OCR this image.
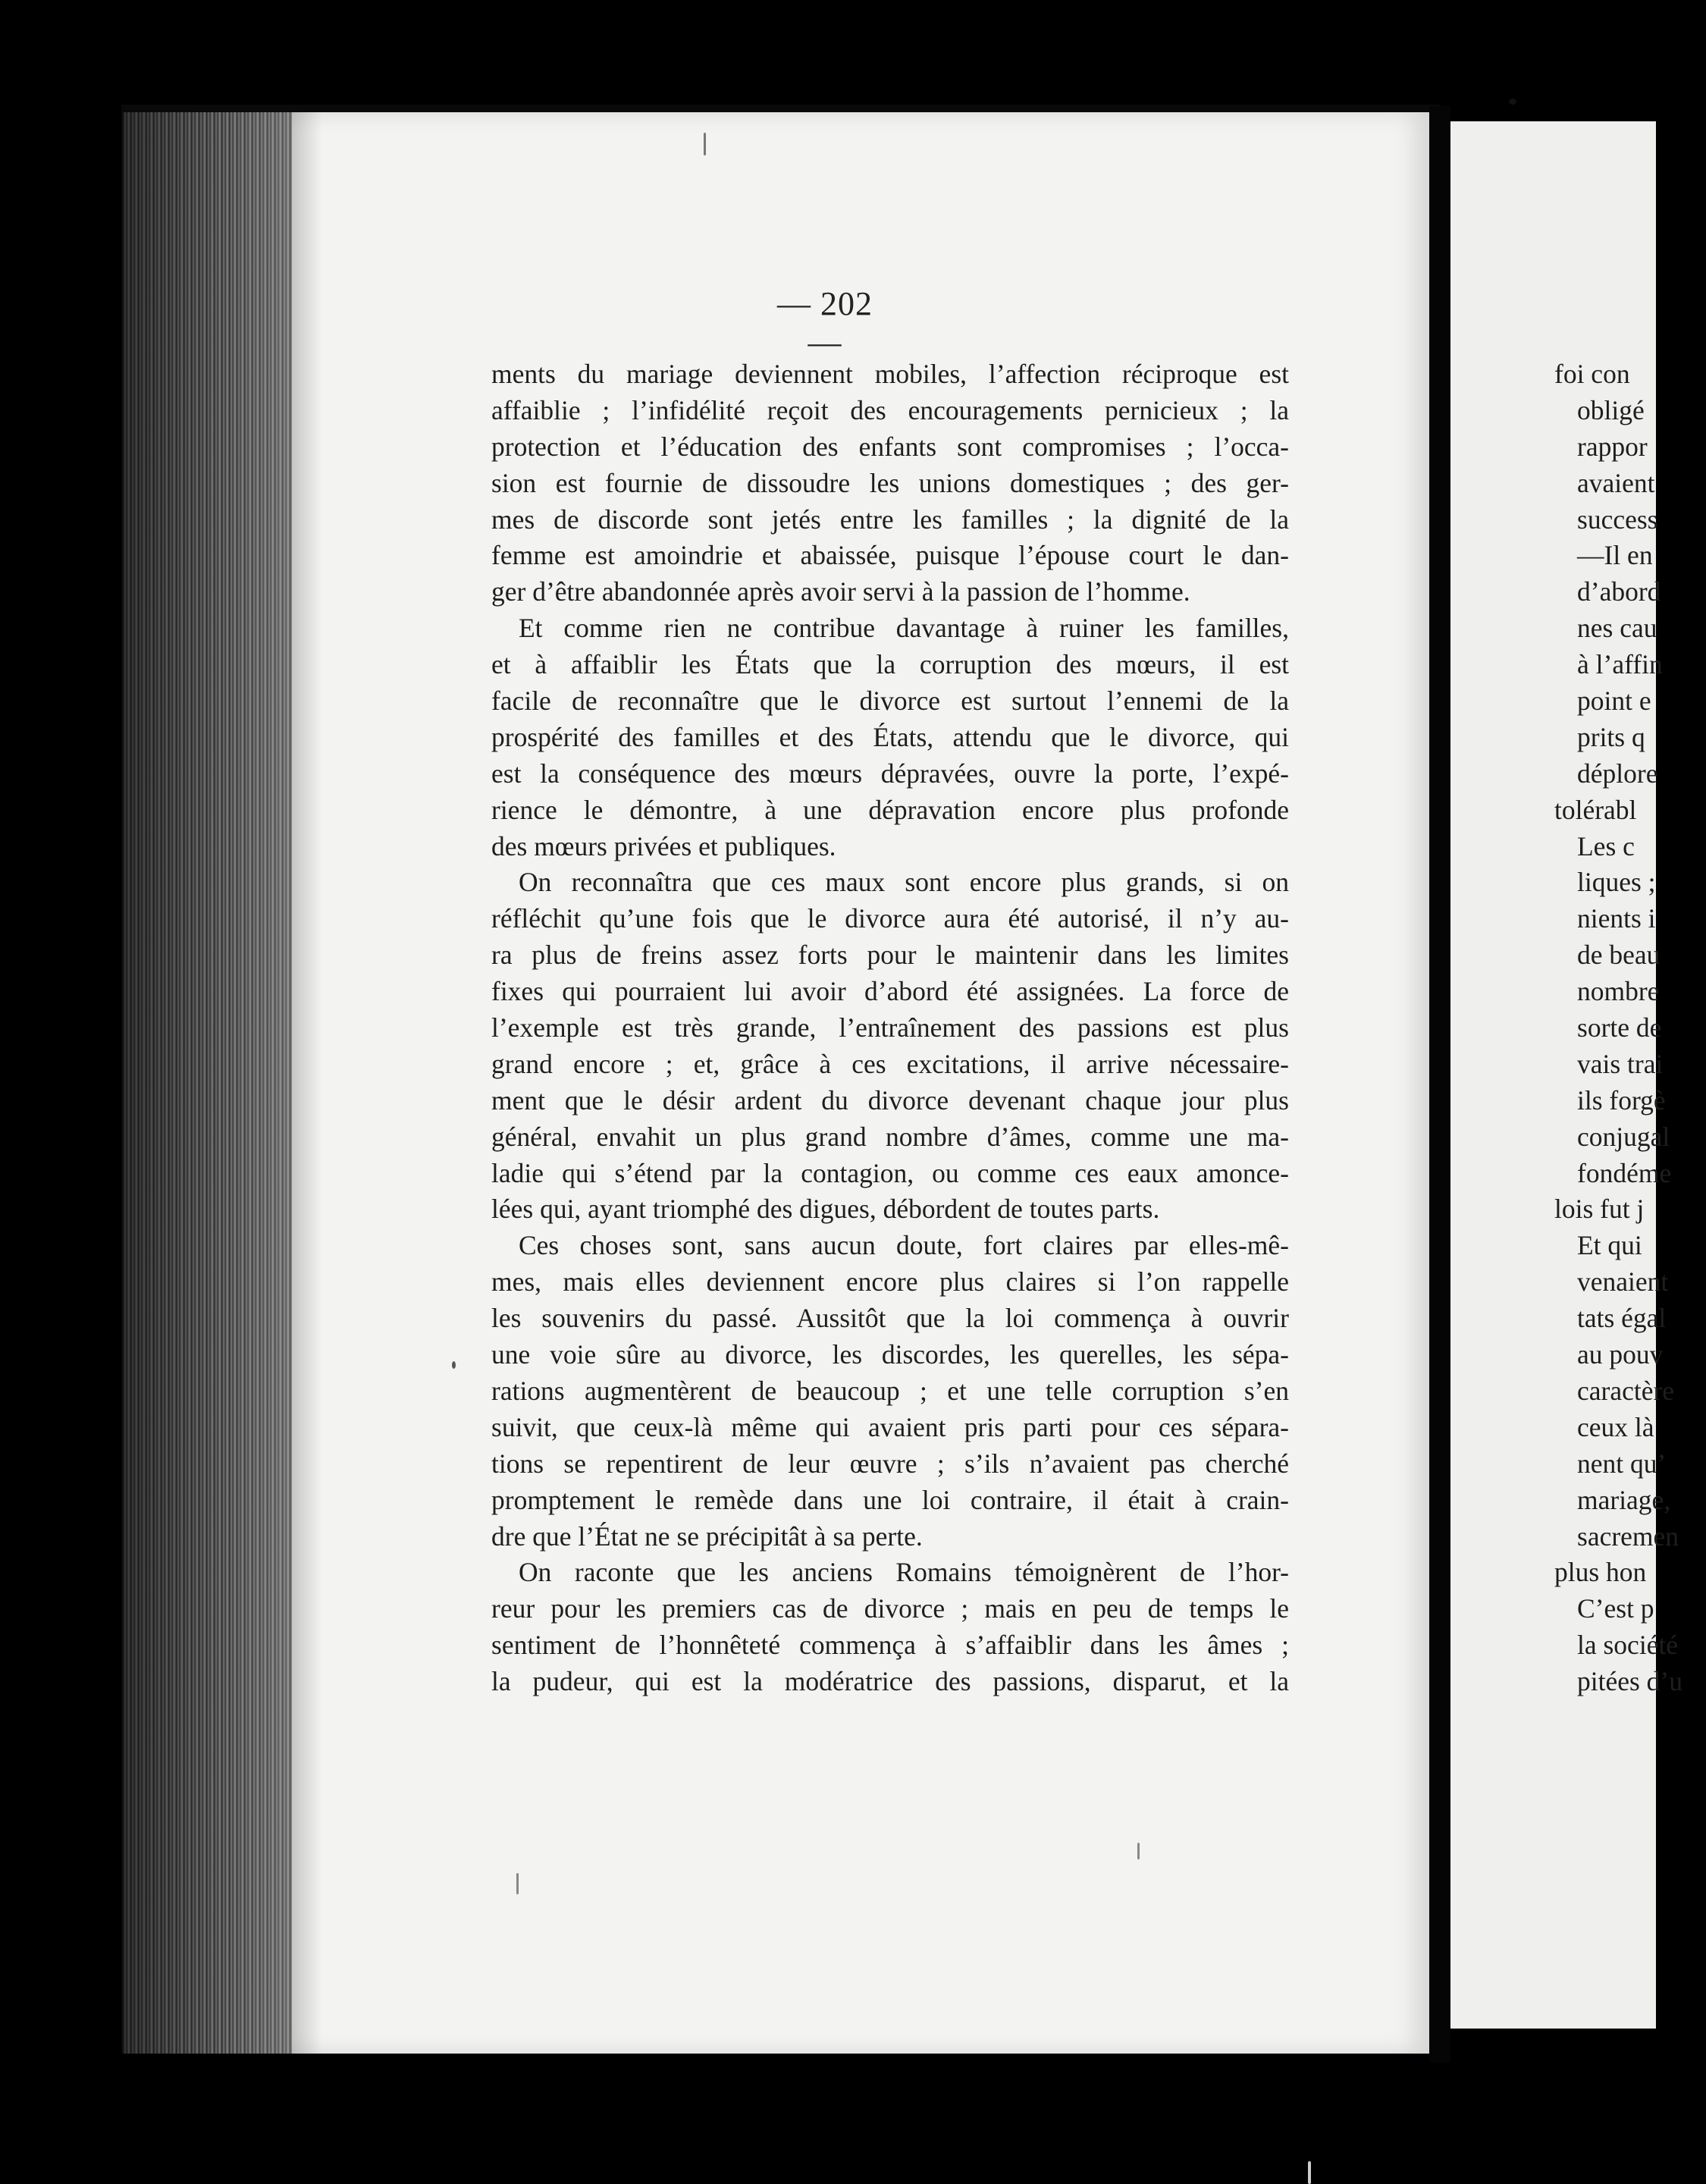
— 202 —
ments du mariage deviennent mobiles, l’affection réciproque est
affaiblie ; l’infidélité reçoit des encouragements pernicieux ; la
protection et l’éducation des enfants sont compromises ; l’occa-
sion est fournie de dissoudre les unions domestiques ; des ger-
mes de discorde sont jetés entre les familles ; la dignité de la
femme est amoindrie et abaissée, puisque l’épouse court le dan-
ger d’être abandonnée après avoir servi à la passion de l’homme.
Et comme rien ne contribue davantage à ruiner les familles,
et à affaiblir les États que la corruption des mœurs, il est
facile de reconnaître que le divorce est surtout l’ennemi de la
prospérité des familles et des États, attendu que le divorce, qui
est la conséquence des mœurs dépravées, ouvre la porte, l’expé-
rience le démontre, à une dépravation encore plus profonde
des mœurs privées et publiques.
On reconnaîtra que ces maux sont encore plus grands, si on
réfléchit qu’une fois que le divorce aura été autorisé, il n’y au-
ra plus de freins assez forts pour le maintenir dans les limites
fixes qui pourraient lui avoir d’abord été assignées. La force de
l’exemple est très grande, l’entraînement des passions est plus
grand encore ; et, grâce à ces excitations, il arrive nécessaire-
ment que le désir ardent du divorce devenant chaque jour plus
général, envahit un plus grand nombre d’âmes, comme une ma-
ladie qui s’étend par la contagion, ou comme ces eaux amonce-
lées qui, ayant triomphé des digues, débordent de toutes parts.
Ces choses sont, sans aucun doute, fort claires par elles-mê-
mes, mais elles deviennent encore plus claires si l’on rappelle
les souvenirs du passé. Aussitôt que la loi commença à ouvrir
une voie sûre au divorce, les discordes, les querelles, les sépa-
rations augmentèrent de beaucoup ; et une telle corruption s’en
suivit, que ceux-là même qui avaient pris parti pour ces sépara-
tions se repentirent de leur œuvre ; s’ils n’avaient pas cherché
promptement le remède dans une loi contraire, il était à crain-
dre que l’État ne se précipitât à sa perte.
On raconte que les anciens Romains témoignèrent de l’hor-
reur pour les premiers cas de divorce ; mais en peu de temps le
sentiment de l’honnêteté commença à s’affaiblir dans les âmes ;
la pudeur, qui est la modératrice des passions, disparut, et la
foi con
obligé
rappor
avaient
success
—Il en
d’abord
nes cau
à l’affin
point e
prits q
déplore
tolérabl
Les c
liques ;
nients i
de beau
nombre
sorte de
vais trai
ils forgè
conjugal
fondéme
lois fut j
Et qui
venaient
tats égal
au pouv
caractère
ceux là
nent qu’
mariage,
sacremen
plus hon
C’est p
la société
pitées d’u
